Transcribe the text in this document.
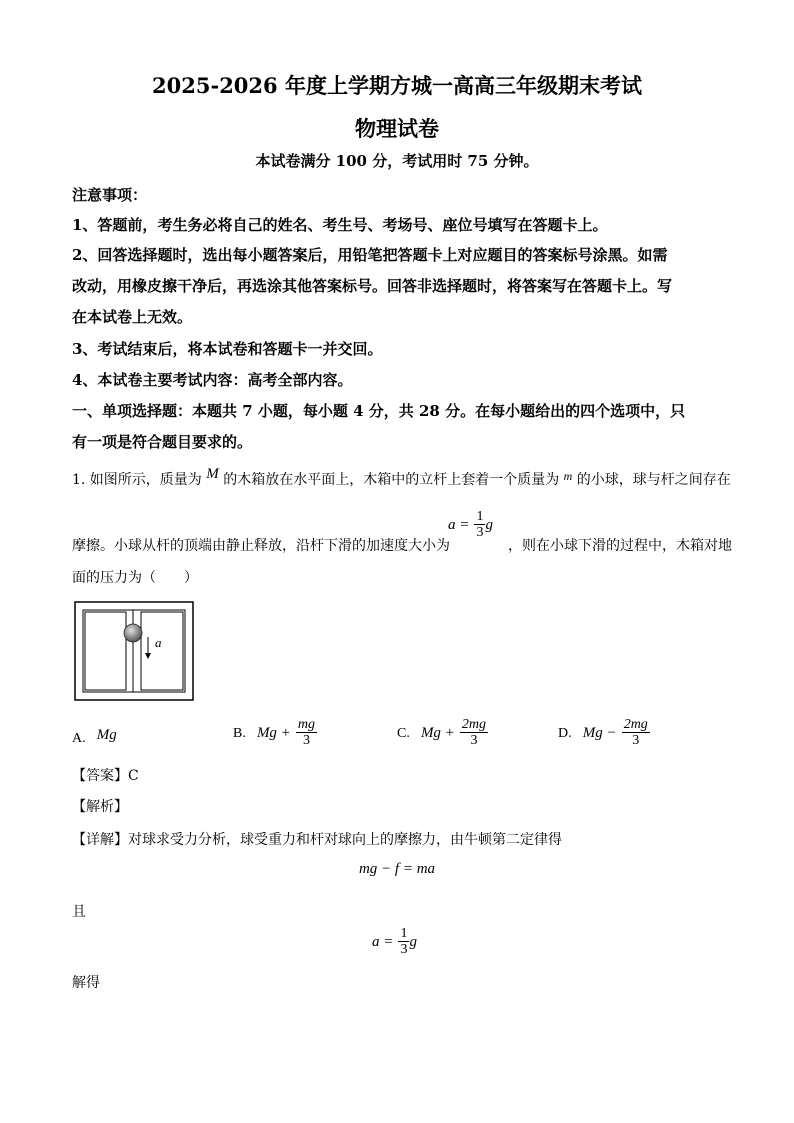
2025-2026 年度上学期方城一高高三年级期末考试
物理试卷
本试卷满分 100 分，考试用时 75 分钟。
注意事项：
1、答题前，考生务必将自己的姓名、考生号、考场号、座位号填写在答题卡上。
2、回答选择题时，选出每小题答案后，用铅笔把答题卡上对应题目的答案标号涂黑。如需
改动，用橡皮擦干净后，再选涂其他答案标号。回答非选择题时，将答案写在答题卡上。写
在本试卷上无效。
3、考试结束后，将本试卷和答题卡一并交回。
4、本试卷主要考试内容：高考全部内容。
一、单项选择题：本题共 7 小题，每小题 4 分，共 28 分。在每小题给出的四个选项中，只
有一项是符合题目要求的。
1. 如图所示，质量为 M 的木箱放在水平面上，木箱中的立杆上套着一个质量为 m 的小球，球与杆之间存在
摩擦。小球从杆的顶端由静止释放，沿杆下滑的加速度大小为
$a = \frac{1}{3}$ g
，则在小球下滑的过程中，木箱对地
面的压力为（　　）
a
A. Mg	B. $Mg + \frac{mg}{3}$	C. $Mg + \frac{2mg}{3}$	D. $Mg - \frac{2mg}{3}$
【答案】C
【解析】
【详解】对球求受力分析，球受重力和杆对球向上的摩擦力，由牛顿第二定律得
mg − f = ma
且
$a = \frac{1}{3}$ g
解得
